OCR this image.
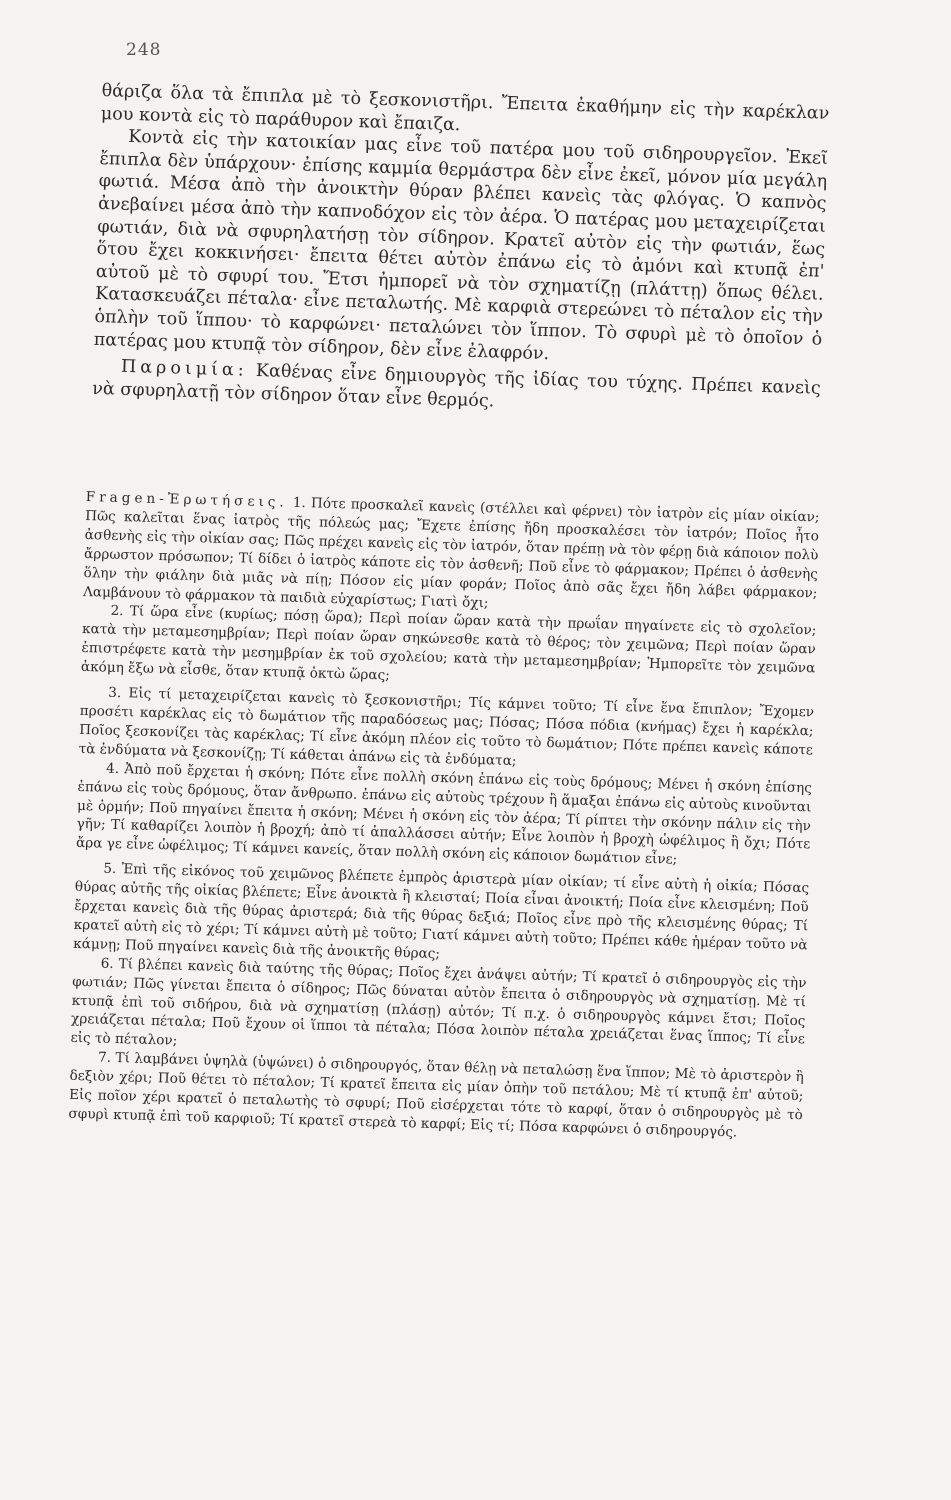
248

θάριζα ὅλα τὰ ἔπιπλα μὲ τὸ ξεσκονιστῆρι. Ἔπειτα ἐκαθήμην εἰς τὴν καρέκλαν μου κοντὰ εἰς τὸ παράθυρον καὶ ἔπαιζα.

Κοντὰ εἰς τὴν κατοικίαν μας εἶνε τοῦ πατέρα μου τοῦ σιδηρουργεῖον. Ἐκεῖ ἔπιπλα δὲν ὑπάρχουν· ἐπίσης καμμία θερμάστρα δὲν εἶνε ἐκεῖ, μόνον μία μεγάλη φωτιά. Μέσα ἀπὸ τὴν ἀνοικτὴν θύραν βλέπει κανεὶς τὰς φλόγας. Ὁ καπνὸς ἀνεβαίνει μέσα ἀπὸ τὴν καπνοδόχον εἰς τὸν ἀέρα. Ὁ πατέρας μου μεταχειρίζεται φωτιάν, διὰ νὰ σφυρηλατήσῃ τὸν σίδηρον. Κρατεῖ αὐτὸν εἰς τὴν φωτιάν, ἕως ὅτου ἔχει κοκκινήσει· ἔπειτα θέτει αὐτὸν ἐπάνω εἰς τὸ ἀμόνι καὶ κτυπᾷ ἐπ' αὐτοῦ μὲ τὸ σφυρί του. Ἔτσι ἠμπορεῖ νὰ τὸν σχηματίζῃ (πλάττῃ) ὅπως θέλει. Κατασκευάζει πέταλα· εἶνε πεταλωτής. Μὲ καρφιὰ στερεώνει τὸ πέταλον εἰς τὴν ὁπλὴν τοῦ ἵππου· τὸ καρφώνει· πεταλώνει τὸν ἵππον. Τὸ σφυρὶ μὲ τὸ ὁποῖον ὁ πατέρας μου κτυπᾷ τὸν σίδηρον, δὲν εἶνε ἐλαφρόν.

Παροιμία: Καθένας εἶνε δημιουργὸς τῆς ἰδίας του τύχης. Πρέπει κανεὶς νὰ σφυρηλατῇ τὸν σίδηρον ὅταν εἶνε θερμός.

Fragen-Ἐρωτήσεις. 1. Πότε προσκαλεῖ κανεὶς (στέλλει καὶ φέρνει) τὸν ἰατρὸν εἰς μίαν οἰκίαν; Πῶς καλεῖται ἕνας ἰατρὸς τῆς πόλεώς μας; Ἔχετε ἐπίσης ἤδη προσκαλέσει τὸν ἰατρόν; Ποῖος ἦτο ἀσθενὴς εἰς τὴν οἰκίαν σας; Πῶς πρέχει κανεὶς εἰς τὸν ἰατρόν, ὅταν πρέπῃ νὰ τὸν φέρῃ διὰ κάποιον πολὺ ἄρρωστον πρόσωπον; Τί δίδει ὁ ἰατρὸς κάποτε εἰς τὸν ἀσθενῆ; Ποῦ εἶνε τὸ φάρμακον; Πρέπει ὁ ἀσθενὴς ὅλην τὴν φιάλην διὰ μιᾶς νὰ πίῃ; Πόσον εἰς μίαν φοράν; Ποῖος ἀπὸ σᾶς ἔχει ἤδη λάβει φάρμακον; Λαμβάνουν τὸ φάρμακον τὰ παιδιὰ εὐχαρίστως; Γιατὶ ὄχι;

2. Τί ὥρα εἶνε (κυρίως; πόσῃ ὥρα); Περὶ ποίαν ὥραν κατὰ τὴν πρωΐαν πηγαίνετε εἰς τὸ σχολεῖον; κατὰ τὴν μεταμεσημβρίαν; Περὶ ποίαν ὥραν σηκώνεσθε κατὰ τὸ θέρος; τὸν χειμῶνα; Περὶ ποίαν ὥραν ἐπιστρέφετε κατὰ τὴν μεσημβρίαν ἐκ τοῦ σχολείου; κατὰ τὴν μεταμεσημβρίαν; Ἠμπορεῖτε τὸν χειμῶνα ἀκόμη ἔξω νὰ εἶσθε, ὅταν κτυπᾷ ὀκτὼ ὥρας;

3. Εἰς τί μεταχειρίζεται κανεὶς τὸ ξεσκονιστῆρι; Τίς κάμνει τοῦτο; Τί εἶνε ἕνα ἔπιπλον; Ἔχομεν προσέτι καρέκλας εἰς τὸ δωμάτιον τῆς παραδόσεως μας; Πόσας; Πόσα πόδια (κνήμας) ἔχει ἡ καρέκλα; Ποῖος ξεσκονίζει τὰς καρέκλας; Τί εἶνε ἀκόμη πλέον εἰς τοῦτο τὸ δωμάτιον; Πότε πρέπει κανεὶς κάποτε τὰ ἐνδύματα νὰ ξεσκονίζῃ; Τί κάθεται ἀπάνω εἰς τὰ ἐνδύματα;

4. Ἀπὸ ποῦ ἔρχεται ἡ σκόνη; Πότε εἶνε πολλὴ σκόνη ἐπάνω εἰς τοὺς δρόμους; Μένει ἡ σκόνη ἐπίσης ἐπάνω εἰς τοὺς δρόμους, ὅταν ἄνθρωπο. ἐπάνω εἰς αὐτοὺς τρέχουν ἢ ἅμαξαι ἐπάνω εἰς αὐτοὺς κινοῦνται μὲ ὁρμήν; Ποῦ πηγαίνει ἔπειτα ἡ σκόνη; Μένει ἡ σκόνη εἰς τὸν ἀέρα; Τί ρίπτει τὴν σκόνην πάλιν εἰς τὴν γῆν; Τί καθαρίζει λοιπὸν ἡ βροχή; ἀπὸ τί ἀπαλλάσσει αὐτήν; Εἶνε λοιπὸν ἡ βροχὴ ὠφέλιμος ἢ ὄχι; Πότε ἄρα γε εἶνε ὠφέλιμος; Τί κάμνει κανείς, ὅταν πολλὴ σκόνη εἰς κάποιον δωμάτιον εἶνε;

5. Ἐπὶ τῆς εἰκόνος τοῦ χειμῶνος βλέπετε ἐμπρὸς ἀριστερὰ μίαν οἰκίαν; τί εἶνε αὐτὴ ἡ οἰκία; Πόσας θύρας αὐτῆς τῆς οἰκίας βλέπετε; Εἶνε ἀνοικτὰ ἢ κλεισταί; Ποία εἶναι ἀνοικτή; Ποία εἶνε κλεισμένη; Ποῦ ἔρχεται κανεὶς διὰ τῆς θύρας ἀριστερά; διὰ τῆς θύρας δεξιά; Ποῖος εἶνε πρὸ τῆς κλεισμένης θύρας; Τί κρατεῖ αὐτὴ εἰς τὸ χέρι; Τί κάμνει αὐτὴ μὲ τοῦτο; Γιατί κάμνει αὐτὴ τοῦτο; Πρέπει κάθε ἡμέραν τοῦτο νὰ κάμνῃ; Ποῦ πηγαίνει κανεὶς διὰ τῆς ἀνοικτῆς θύρας;

6. Τί βλέπει κανεὶς διὰ ταύτης τῆς θύρας; Ποῖος ἔχει ἀνάψει αὐτήν; Τί κρατεῖ ὁ σιδηρουργὸς εἰς τὴν φωτιάν; Πῶς γίνεται ἔπειτα ὁ σίδηρος; Πῶς δύναται αὐτὸν ἔπειτα ὁ σιδηρουργὸς νὰ σχηματίσῃ. Μὲ τί κτυπᾷ ἐπὶ τοῦ σιδήρου, διὰ νὰ σχηματίσῃ (πλάσῃ) αὐτόν; Τί π.χ. ὁ σιδηρουργὸς κάμνει ἔτσι; Ποῖος χρειάζεται πέταλα; Ποῦ ἔχουν οἱ ἵπποι τὰ πέταλα; Πόσα λοιπὸν πέταλα χρειάζεται ἕνας ἵππος; Τί εἶνε εἰς τὸ πέταλον;

7. Τί λαμβάνει ὑψηλὰ (ὑψώνει) ὁ σιδηρουργός, ὅταν θέλῃ νὰ πεταλώσῃ ἕνα ἵππον; Μὲ τὸ ἀριστερὸν ἢ δεξιὸν χέρι; Ποῦ θέτει τὸ πέταλον; Τί κρατεῖ ἔπειτα εἰς μίαν ὀπὴν τοῦ πετάλου; Μὲ τί κτυπᾷ ἐπ' αὐτοῦ; Εἰς ποῖον χέρι κρατεῖ ὁ πεταλωτὴς τὸ σφυρί; Ποῦ εἰσέρχεται τότε τὸ καρφί, ὅταν ὁ σιδηρουργὸς μὲ τὸ σφυρὶ κτυπᾷ ἐπὶ τοῦ καρφιοῦ; Τί κρατεῖ στερεὰ τὸ καρφί; Εἰς τί; Πόσα καρφώνει ὁ σιδηρουργός.
